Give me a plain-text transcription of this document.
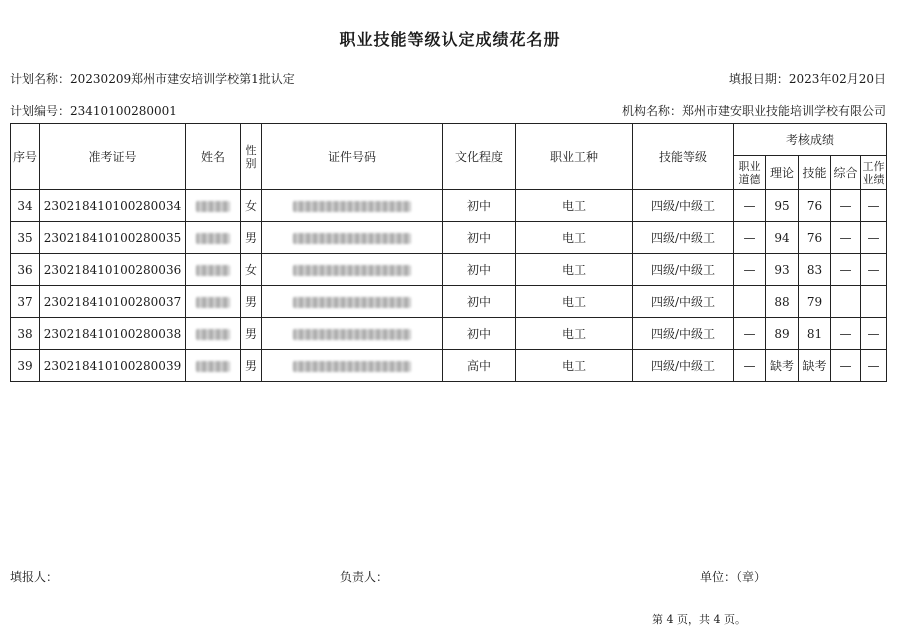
职业技能等级认定成绩花名册
计划名称：20230209郑州市建安培训学校第1批认定	填报日期：2023年02月20日
计划编号：23410100280001	机构名称：郑州市建安职业技能培训学校有限公司
序号	准考证号	姓名	性别	证件号码	文化程度	职业工种	技能等级	考核成绩				
								职业道德	理论	技能	综合	工作业绩
34	230218410100280034		女		初中	电工	四级/中级工	—	95	76	—	—
35	230218410100280035		男		初中	电工	四级/中级工	—	94	76	—	—
36	230218410100280036		女		初中	电工	四级/中级工	—	93	83	—	—
37	230218410100280037		男		初中	电工	四级/中级工		88	79		
38	230218410100280038		男		初中	电工	四级/中级工	—	89	81	—	—
39	230218410100280039		男		高中	电工	四级/中级工	—	缺考	缺考	—	—
填报人：	负责人：	单位：（章）
第 4 页，共 4 页。
